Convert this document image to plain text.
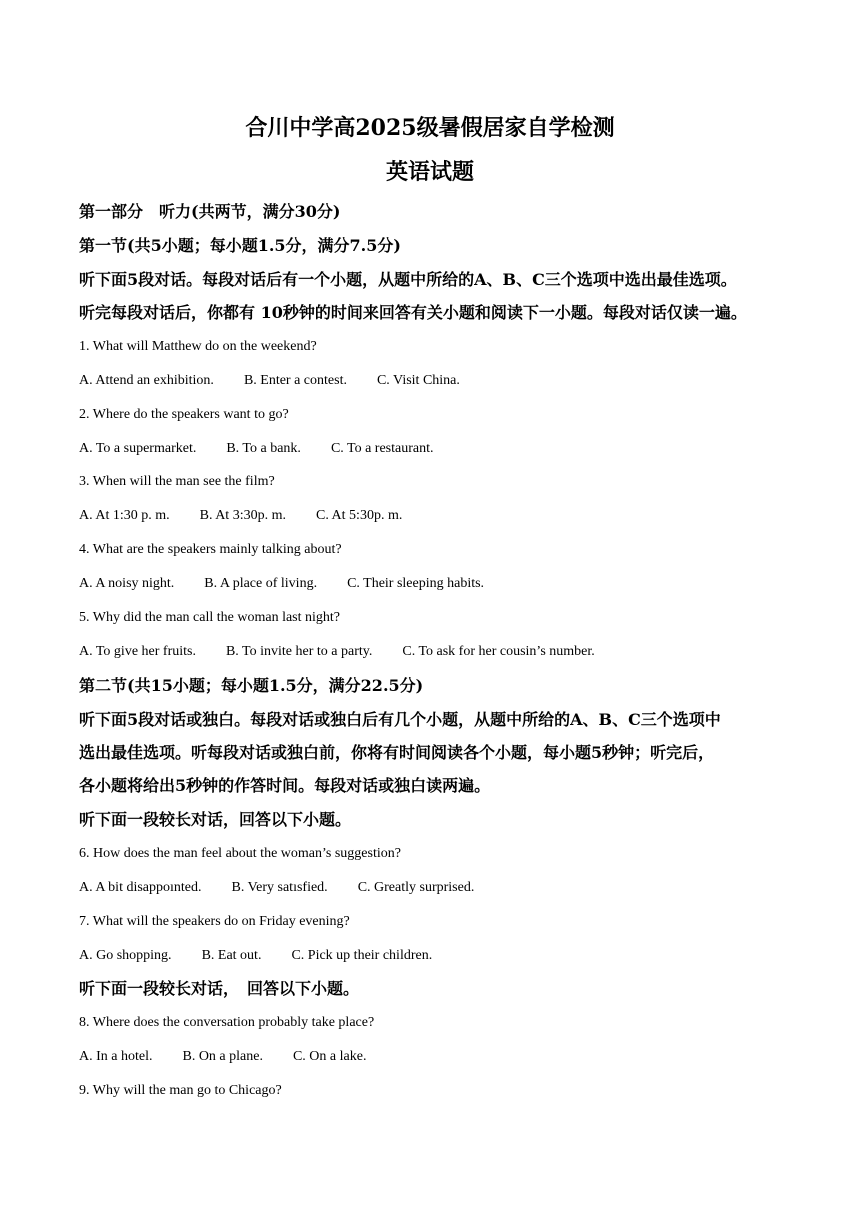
合川中学高2025级暑假居家自学检测
英语试题
第一部分　听力(共两节，满分30分)
第一节(共5小题；每小题1.5分，满分7.5分)
听下面5段对话。每段对话后有一个小题，从题中所给的A、B、C三个选项中选出最佳选项。
听完每段对话后，你都有 10秒钟的时间来回答有关小题和阅读下一小题。每段对话仅读一遍。
1. What will Matthew do on the weekend?
A. Attend an exhibition. B. Enter a contest. C. Visit China.
2. Where do the speakers want to go?
A. To a supermarket. B. To a bank. C. To a restaurant.
3. When will the man see the film?
A. At 1:30 p. m. B. At 3:30p. m. C. At 5:30p. m.
4. What are the speakers mainly talking about?
A. A noisy night. B. A place of living. C. Their sleeping habits.
5. Why did the man call the woman last night?
A. To give her fruits. B. To invite her to a party. C. To ask for her cousin’s number.
第二节(共15小题；每小题1.5分，满分22.5分)
听下面5段对话或独白。每段对话或独白后有几个小题，从题中所给的A、B、C三个选项中
选出最佳选项。听每段对话或独白前，你将有时间阅读各个小题，每小题5秒钟；听完后，
各小题将给出5秒钟的作答时间。每段对话或独白读两遍。
听下面一段较长对话，回答以下小题。
6. How does the man feel about the woman’s suggestion?
A. A bit disappoınted. B. Very satısfied. C. Greatly surprised.
7. What will the speakers do on Friday evening?
A. Go shopping. B. Eat out. C. Pick up their children.
听下面一段较长对话，　回答以下小题。
8. Where does the conversation probably take place?
A. In a hotel. B. On a plane. C. On a lake.
9. Why will the man go to Chicago?
